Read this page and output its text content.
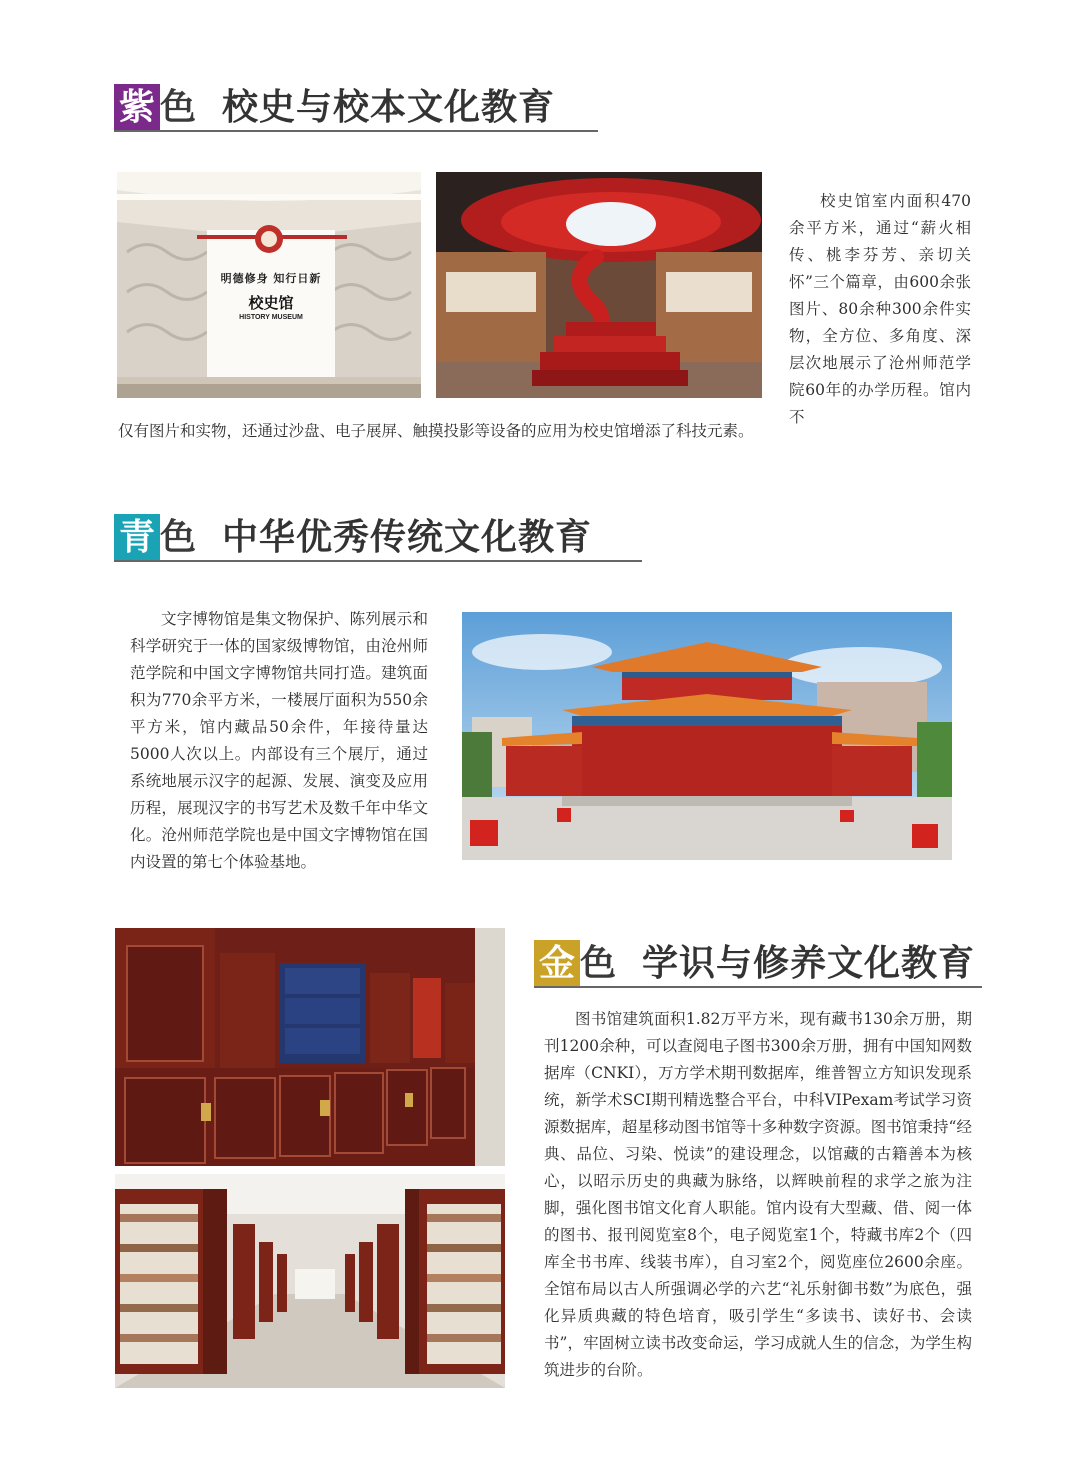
紫 色 校史与校本文化教育
明德修身 知行日新
校史馆
HISTORY MUSEUM
校史馆室内面积470余平方米，通过“薪火相传、桃李芬芳、亲切关怀”三个篇章，由600余张图片、80余种300余件实物，全方位、多角度、深层次地展示了沧州师范学院60年的办学历程。馆内不
仅有图片和实物，还通过沙盘、电子展屏、触摸投影等设备的应用为校史馆增添了科技元素。
青 色 中华优秀传统文化教育
文字博物馆是集文物保护、陈列展示和科学研究于一体的国家级博物馆，由沧州师范学院和中国文字博物馆共同打造。建筑面积为770余平方米，一楼展厅面积为550余平方米，馆内藏品50余件，年接待量达5000人次以上。内部设有三个展厅，通过系统地展示汉字的起源、发展、演变及应用历程，展现汉字的书写艺术及数千年中华文化。沧州师范学院也是中国文字博物馆在国内设置的第七个体验基地。
金 色 学识与修养文化教育
图书馆建筑面积1.82万平方米，现有藏书130余万册，期刊1200余种，可以查阅电子图书300余万册，拥有中国知网数据库（CNKI），万方学术期刊数据库，维普智立方知识发现系统，新学术SCI期刊精选整合平台，中科VIPexam考试学习资源数据库，超星移动图书馆等十多种数字资源。图书馆秉持“经典、品位、习染、悦读”的建设理念，以馆藏的古籍善本为核心，以昭示历史的典藏为脉络，以辉映前程的求学之旅为注脚，强化图书馆文化育人职能。馆内设有大型藏、借、阅一体的图书、报刊阅览室8个，电子阅览室1个，特藏书库2个（四库全书书库、线装书库），自习室2个，阅览座位2600余座。全馆布局以古人所强调必学的六艺“礼乐射御书数”为底色，强化异质典藏的特色培育，吸引学生“多读书、读好书、会读书”，牢固树立读书改变命运，学习成就人生的信念，为学生构筑进步的台阶。
